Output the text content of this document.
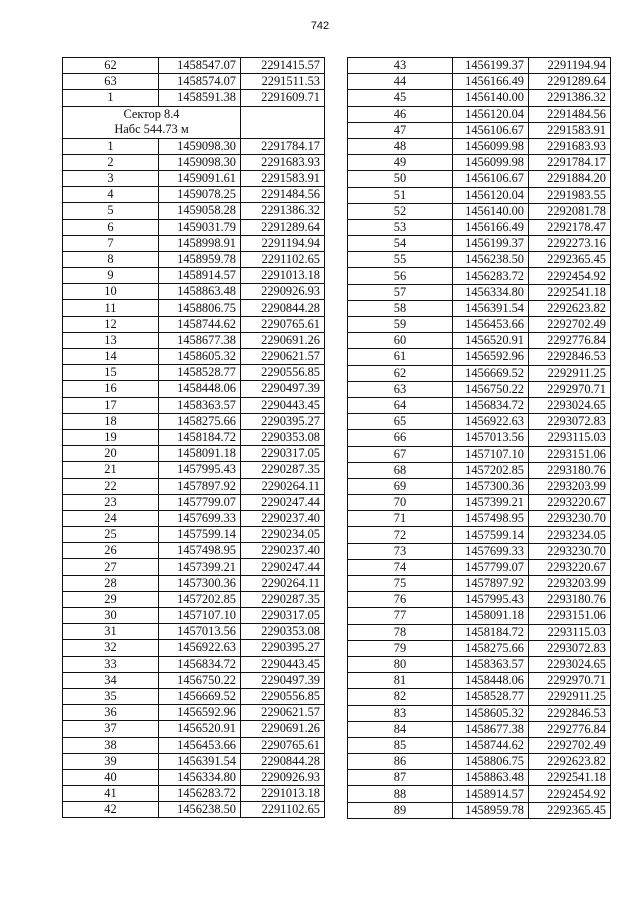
742
62	1458547.07	2291415.57
63	1458574.07	2291511.53
1	1458591.38	2291609.71

Сектор 8.4
Набс 544.73 м		

1	1459098.30	2291784.17
2	1459098.30	2291683.93
3	1459091.61	2291583.91
4	1459078.25	2291484.56
5	1459058.28	2291386.32
6	1459031.79	2291289.64
7	1458998.91	2291194.94
8	1458959.78	2291102.65
9	1458914.57	2291013.18
10	1458863.48	2290926.93
11	1458806.75	2290844.28
12	1458744.62	2290765.61
13	1458677.38	2290691.26
14	1458605.32	2290621.57
15	1458528.77	2290556.85
16	1458448.06	2290497.39
17	1458363.57	2290443.45
18	1458275.66	2290395.27
19	1458184.72	2290353.08
20	1458091.18	2290317.05
21	1457995.43	2290287.35
22	1457897.92	2290264.11
23	1457799.07	2290247.44
24	1457699.33	2290237.40
25	1457599.14	2290234.05
26	1457498.95	2290237.40
27	1457399.21	2290247.44
28	1457300.36	2290264.11
29	1457202.85	2290287.35
30	1457107.10	2290317.05
31	1457013.56	2290353.08
32	1456922.63	2290395.27
33	1456834.72	2290443.45
34	1456750.22	2290497.39
35	1456669.52	2290556.85
36	1456592.96	2290621.57
37	1456520.91	2290691.26
38	1456453.66	2290765.61
39	1456391.54	2290844.28
40	1456334.80	2290926.93
41	1456283.72	2291013.18
42	1456238.50	2291102.65
43	1456199.37	2291194.94
44	1456166.49	2291289.64
45	1456140.00	2291386.32
46	1456120.04	2291484.56
47	1456106.67	2291583.91
48	1456099.98	2291683.93
49	1456099.98	2291784.17
50	1456106.67	2291884.20
51	1456120.04	2291983.55
52	1456140.00	2292081.78
53	1456166.49	2292178.47
54	1456199.37	2292273.16
55	1456238.50	2292365.45
56	1456283.72	2292454.92
57	1456334.80	2292541.18
58	1456391.54	2292623.82
59	1456453.66	2292702.49
60	1456520.91	2292776.84
61	1456592.96	2292846.53
62	1456669.52	2292911.25
63	1456750.22	2292970.71
64	1456834.72	2293024.65
65	1456922.63	2293072.83
66	1457013.56	2293115.03
67	1457107.10	2293151.06
68	1457202.85	2293180.76
69	1457300.36	2293203.99
70	1457399.21	2293220.67
71	1457498.95	2293230.70
72	1457599.14	2293234.05
73	1457699.33	2293230.70
74	1457799.07	2293220.67
75	1457897.92	2293203.99
76	1457995.43	2293180.76
77	1458091.18	2293151.06
78	1458184.72	2293115.03
79	1458275.66	2293072.83
80	1458363.57	2293024.65
81	1458448.06	2292970.71
82	1458528.77	2292911.25
83	1458605.32	2292846.53
84	1458677.38	2292776.84
85	1458744.62	2292702.49
86	1458806.75	2292623.82
87	1458863.48	2292541.18
88	1458914.57	2292454.92
89	1458959.78	2292365.45
